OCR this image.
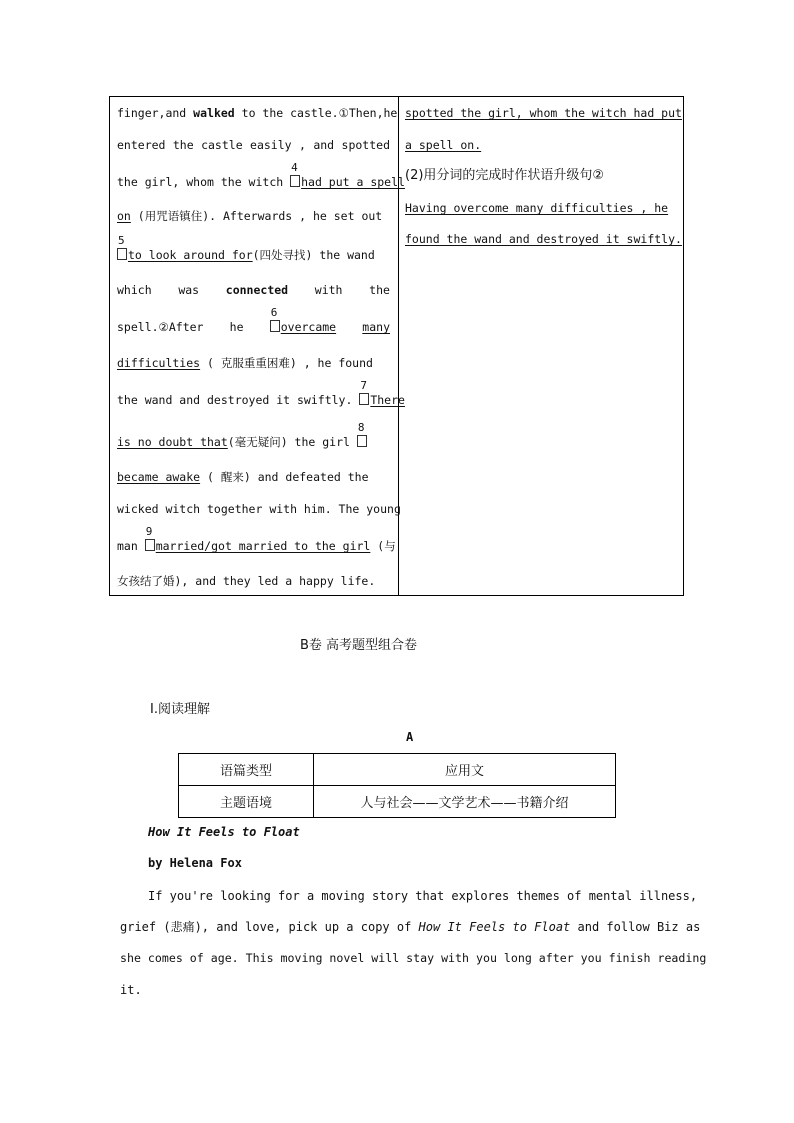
finger,and walked to the castle.①Then,he
entered the castle easily , and spotted
the girl, whom the witch
4
had put a spell
on (用咒语镇住). Afterwards , he set out
5
to look around for(四处寻找) the wand
which was connected with the
spell.②After he
6
overcame many
difficulties ( 克服重重困难) , he found
the wand and destroyed it swiftly.
7
There
is no doubt that(毫无疑问) the girl
8
became awake ( 醒来) and defeated the
wicked witch together with him. The young
man
9
married/got married to the girl (与
女孩结了婚), and they led a happy life.
spotted the girl, whom the witch had put
a spell on.
(2)用分词的完成时作状语升级句②
Having overcome many difficulties , he
found the wand and destroyed it swiftly.
B卷 高考题型组合卷
Ⅰ.阅读理解
A
语篇类型	应用文
主题语境	人与社会——文学艺术——书籍介绍
How It Feels to Float
by Helena Fox
If you're looking for a moving story that explores themes of mental illness,
grief (悲痛), and love, pick up a copy of How It Feels to Float and follow Biz as
she comes of age. This moving novel will stay with you long after you finish reading
it.
